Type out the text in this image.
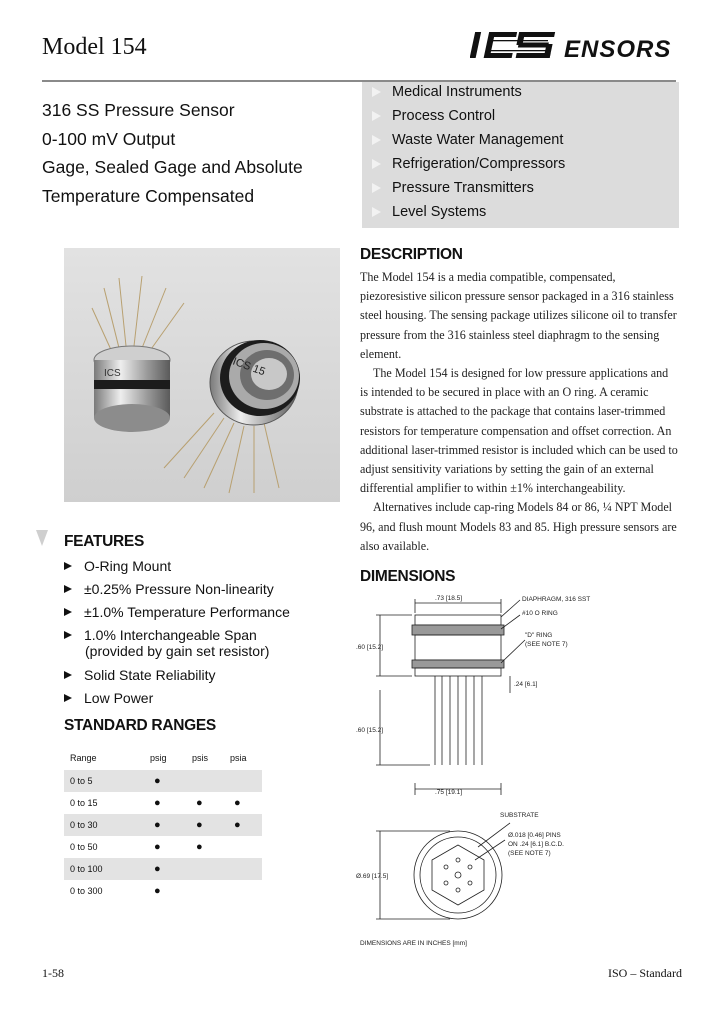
Model 154	ENSORS
316 SS Pressure Sensor
0-100 mV Output
Gage, Sealed Gage and Absolute
Temperature Compensated
Medical Instruments
Process Control
Waste Water Management
Refrigeration/Compressors
Pressure Transmitters
Level Systems
ICS	ICS 15
DESCRIPTION

The Model 154 is a media compatible, compensated, piezoresistive silicon pressure sensor packaged in a 316 stainless steel housing. The sensing package utilizes silicone oil to transfer pressure from the 316 stainless steel diaphragm to the sensing element.

The Model 154 is designed for low pressure applications and is intended to be secured in place with an O ring. A ceramic substrate is attached to the package that contains laser-trimmed resistors for temperature compensation and offset correction. An additional laser-trimmed resistor is included which can be used to adjust sensitivity variations by setting the gain of an external differential amplifier to within ±1% interchangeability.

Alternatives include cap-ring Models 84 or 86, ¼ NPT Model 96, and flush mount Models 83 and 85. High pressure sensors are also available.

FEATURES
O-Ring Mount
±0.25% Pressure Non-linearity
±1.0% Temperature Performance
1.0% Interchangeable Span
(provided by gain set resistor)
Solid State Reliability
Low Power
STANDARD RANGES
Range	psig	psis	psia
0 to 5	●		
0 to 15	●	●	●
0 to 30	●	●	●
0 to 50	●	●	
0 to 100	●		
0 to 300	●		
DIMENSIONS
.73 [18.5]	DIAPHRAGM, 316 SST
#10 O RING
"D" RING
(SEE NOTE 7)
.60 [15.2]
.24 [6.1]
.60 [15.2]
.75 [19.1]
SUBSTRATE
Ø.018 [0.46] PINS
ON .24 [6.1] B.C.D.
(SEE NOTE 7)
Ø.69 [17.5]
DIMENSIONS ARE IN INCHES [mm]
1-58	ISO – Standard
